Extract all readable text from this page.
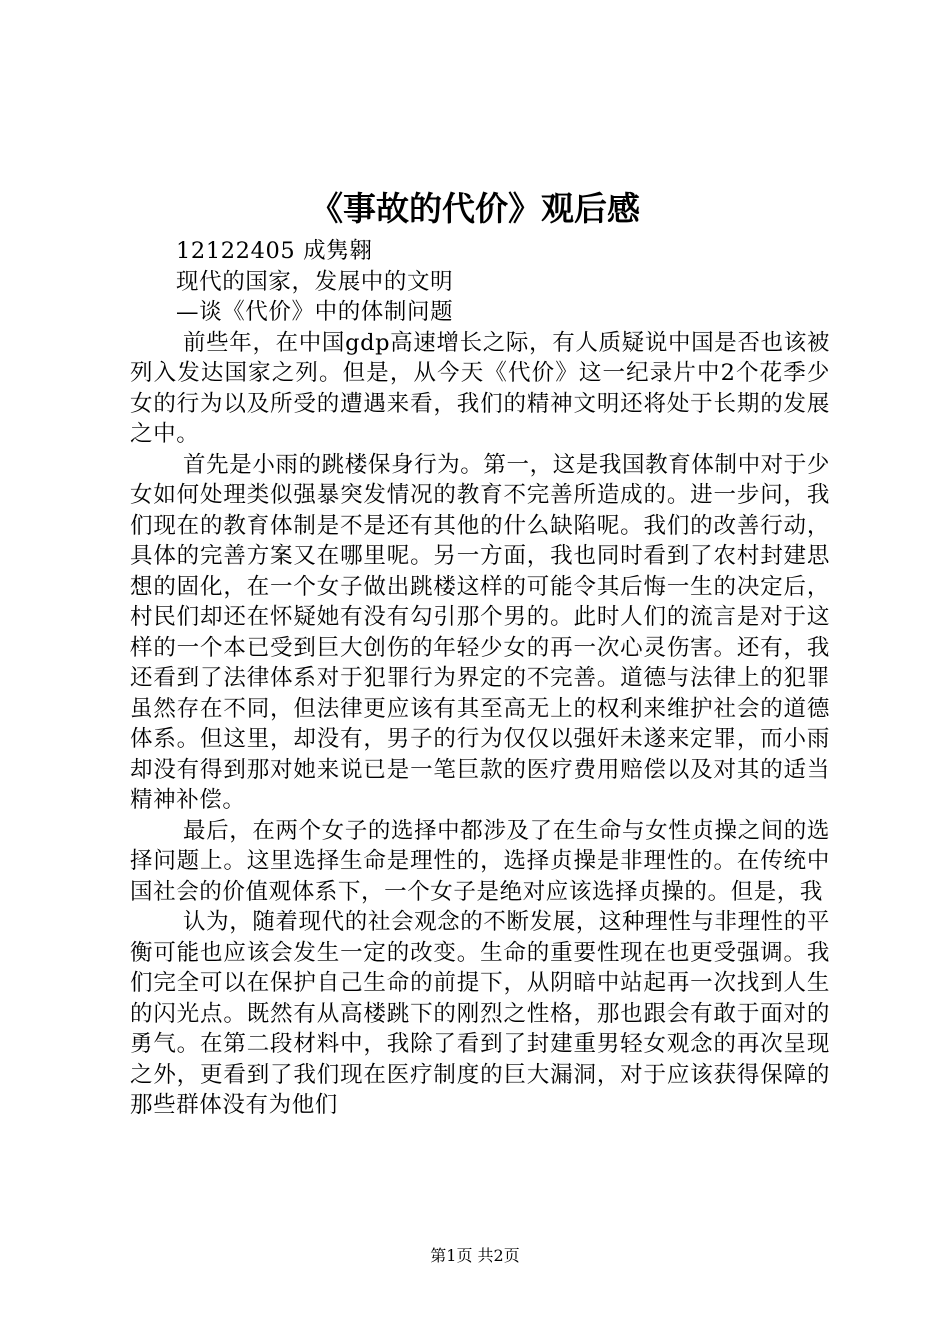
《事故的代价》观后感

12122405 成隽翱

现代的国家，发展中的文明

—谈《代价》中的体制问题

前些年，在中国gdp高速增长之际，有人质疑说中国是否也该被列入发达国家之列。但是，从今天《代价》这一纪录片中2个花季少女的行为以及所受的遭遇来看，我们的精神文明还将处于长期的发展之中。

首先是小雨的跳楼保身行为。第一，这是我国教育体制中对于少女如何处理类似强暴突发情况的教育不完善所造成的。进一步问，我们现在的教育体制是不是还有其他的什么缺陷呢。我们的改善行动，具体的完善方案又在哪里呢。另一方面，我也同时看到了农村封建思想的固化，在一个女子做出跳楼这样的可能令其后悔一生的决定后，村民们却还在怀疑她有没有勾引那个男的。此时人们的流言是对于这样的一个本已受到巨大创伤的年轻少女的再一次心灵伤害。还有，我还看到了法律体系对于犯罪行为界定的不完善。道德与法律上的犯罪虽然存在不同，但法律更应该有其至高无上的权利来维护社会的道德体系。但这里，却没有，男子的行为仅仅以强奸未遂来定罪，而小雨却没有得到那对她来说已是一笔巨款的医疗费用赔偿以及对其的适当精神补偿。

最后，在两个女子的选择中都涉及了在生命与女性贞操之间的选择问题上。这里选择生命是理性的，选择贞操是非理性的。在传统中国社会的价值观体系下，一个女子是绝对应该选择贞操的。但是，我

认为，随着现代的社会观念的不断发展，这种理性与非理性的平衡可能也应该会发生一定的改变。生命的重要性现在也更受强调。我们完全可以在保护自己生命的前提下，从阴暗中站起再一次找到人生的闪光点。既然有从高楼跳下的刚烈之性格，那也跟会有敢于面对的勇气。在第二段材料中，我除了看到了封建重男轻女观念的再次呈现之外，更看到了我们现在医疗制度的巨大漏洞，对于应该获得保障的那些群体没有为他们

第1页 共2页
